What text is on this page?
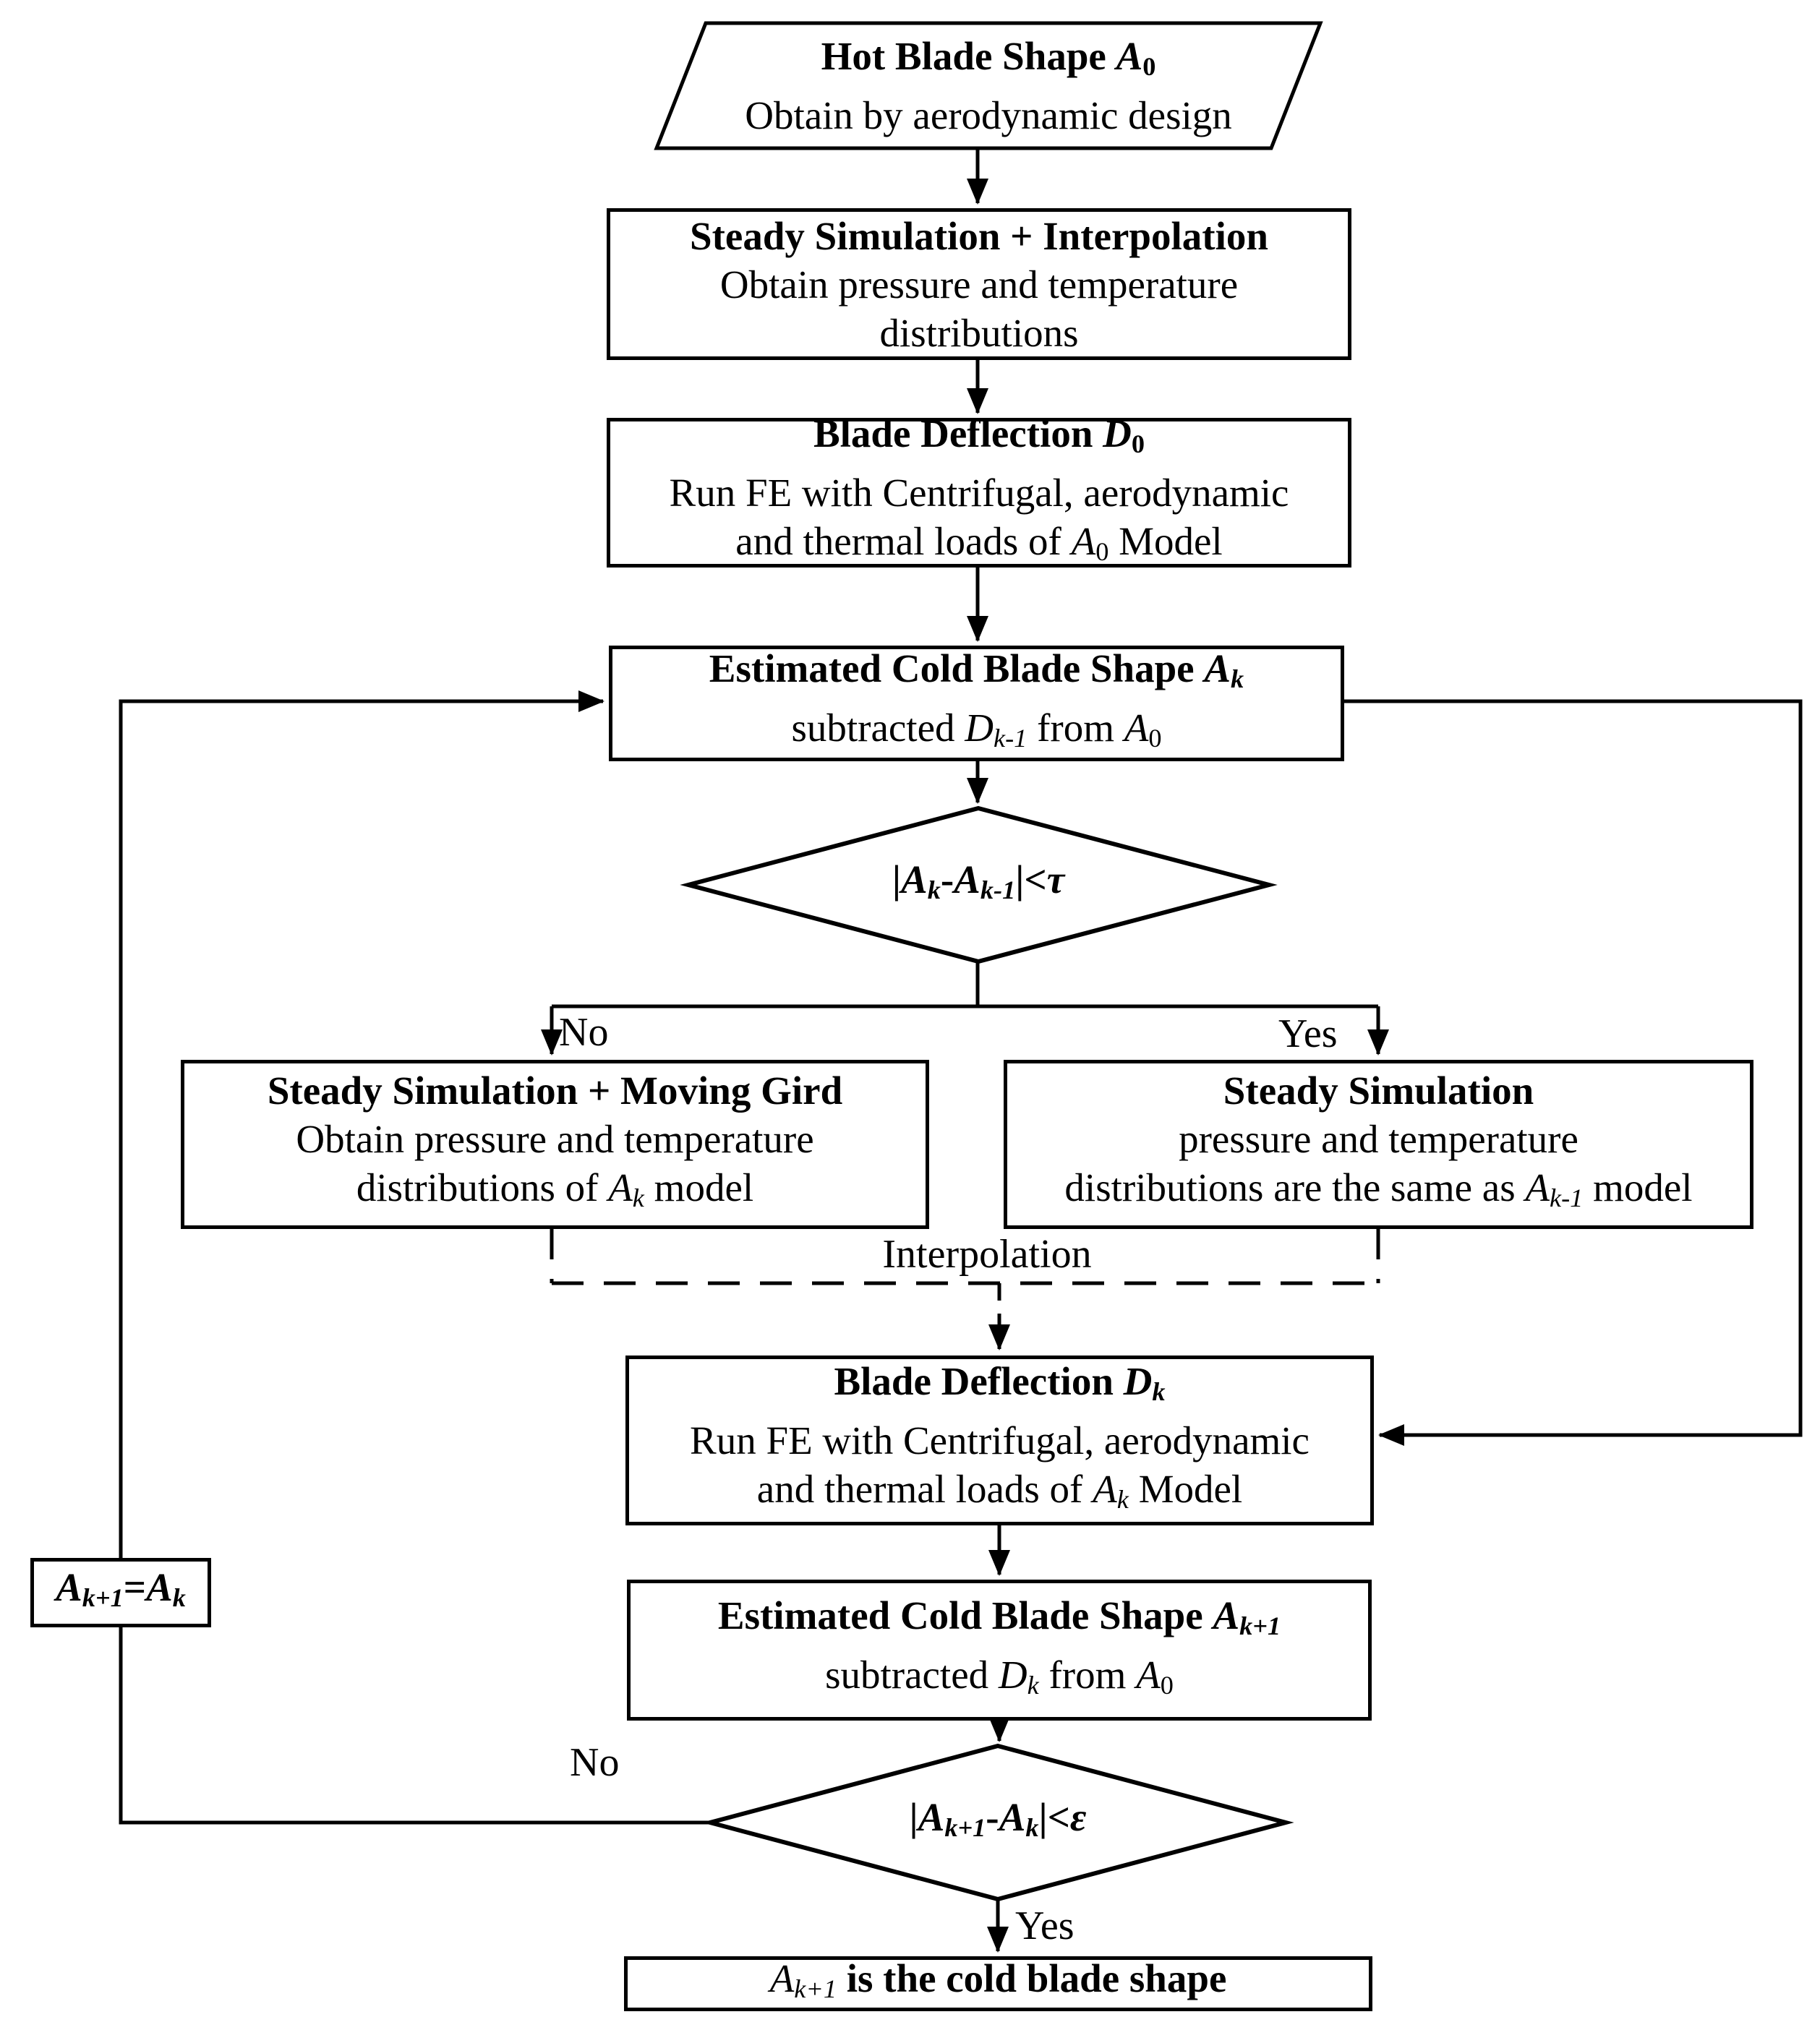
Hot Blade Shape A0
Obtain by aerodynamic design
Steady Simulation + Interpolation
Obtain pressure and temperature
distributions
Blade Deflection D0
Run FE with Centrifugal, aerodynamic
and thermal loads of A0 Model
Estimated Cold Blade Shape Ak
subtracted Dk-1 from A0
|Ak-Ak-1|<τ
No	Yes
Steady Simulation + Moving Gird
Obtain pressure and temperature
distributions of Ak model
Steady Simulation
pressure and temperature
distributions are the same as Ak-1 model
Interpolation
Blade Deflection Dk
Run FE with Centrifugal, aerodynamic
and thermal loads of Ak Model
Estimated Cold Blade Shape Ak+1
subtracted Dk from A0
Ak+1=Ak
|Ak+1-Ak|<ε
No
Yes
Ak+1 is the cold blade shape
